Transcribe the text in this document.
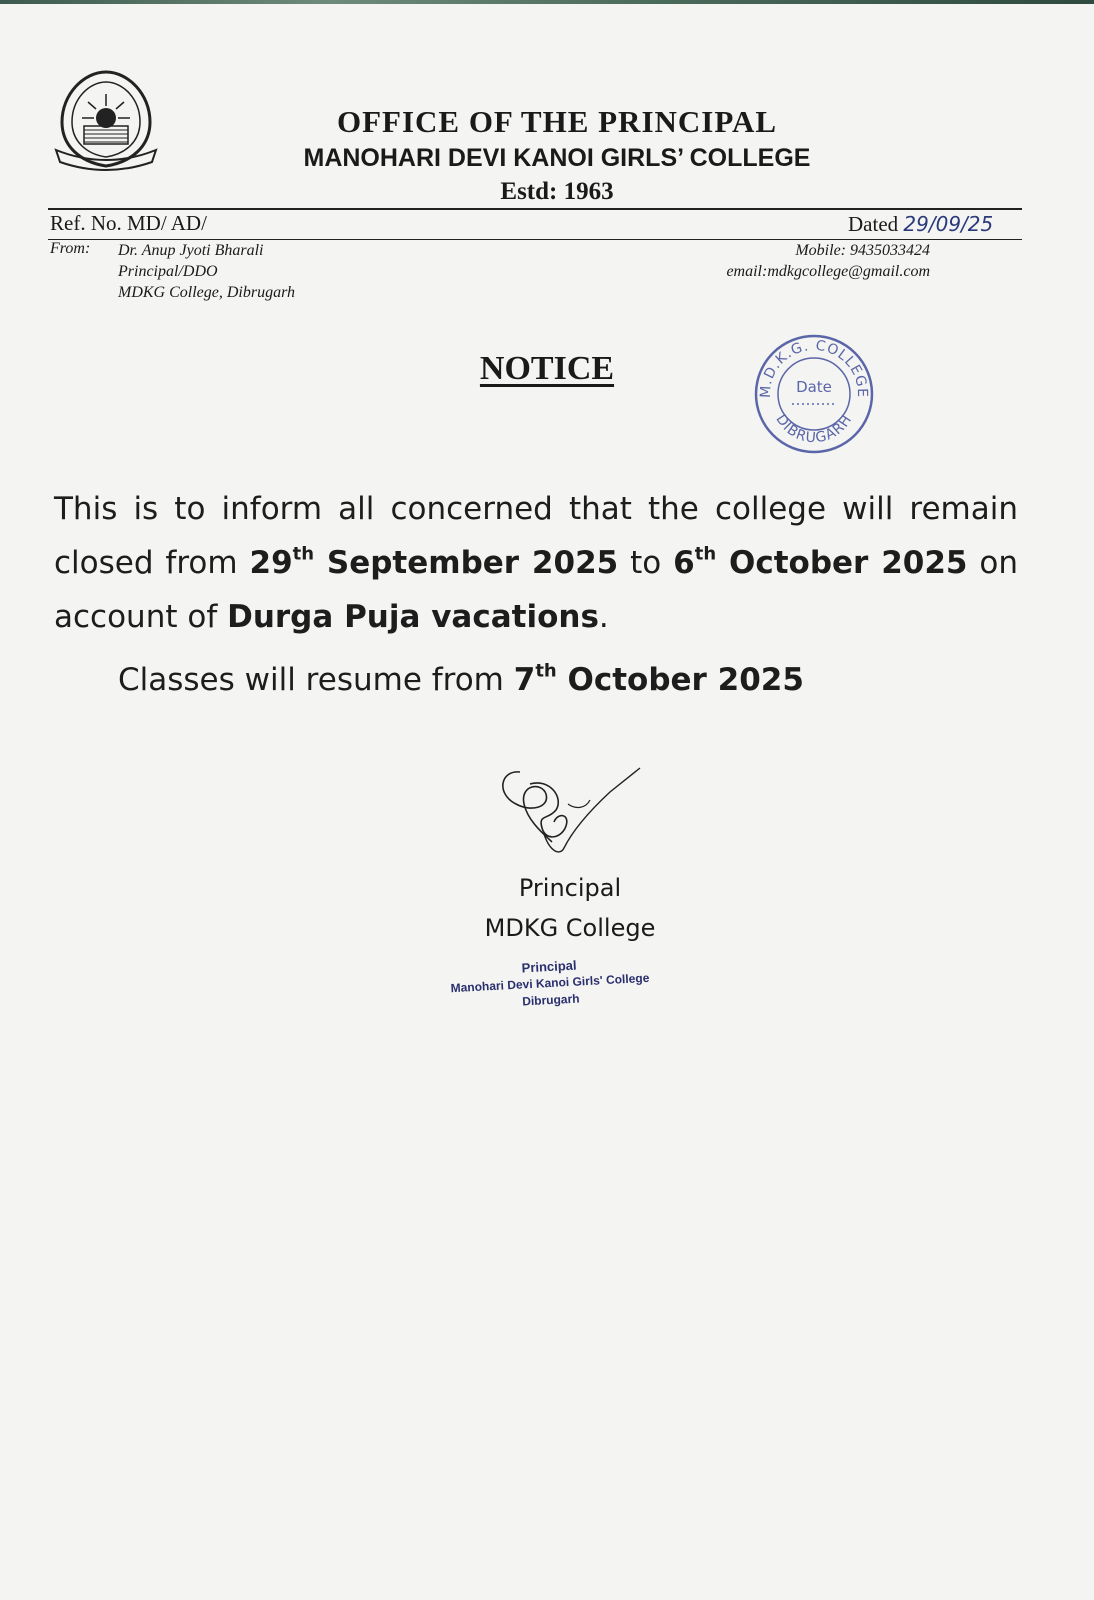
OFFICE OF THE PRINCIPAL
MANOHARI DEVI KANOI GIRLS’ COLLEGE
Estd: 1963
Ref. No. MD/ AD/	Dated 29/09/25
From: Dr. Anup Jyoti Bharali
Principal/DDO
MDKG College, Dibrugarh
Mobile: 9435033424
email:mdkgcollege@gmail.com
NOTICE
M.D.K.G. COLLEGE
DIBRUGARH
Date
This is to inform all concerned that the college will remain closed from 29th September 2025 to 6th October 2025 on account of Durga Puja vacations.
Classes will resume from 7th October 2025
Principal
MDKG College
Principal
Manohari Devi Kanoi Girls' College
Dibrugarh
